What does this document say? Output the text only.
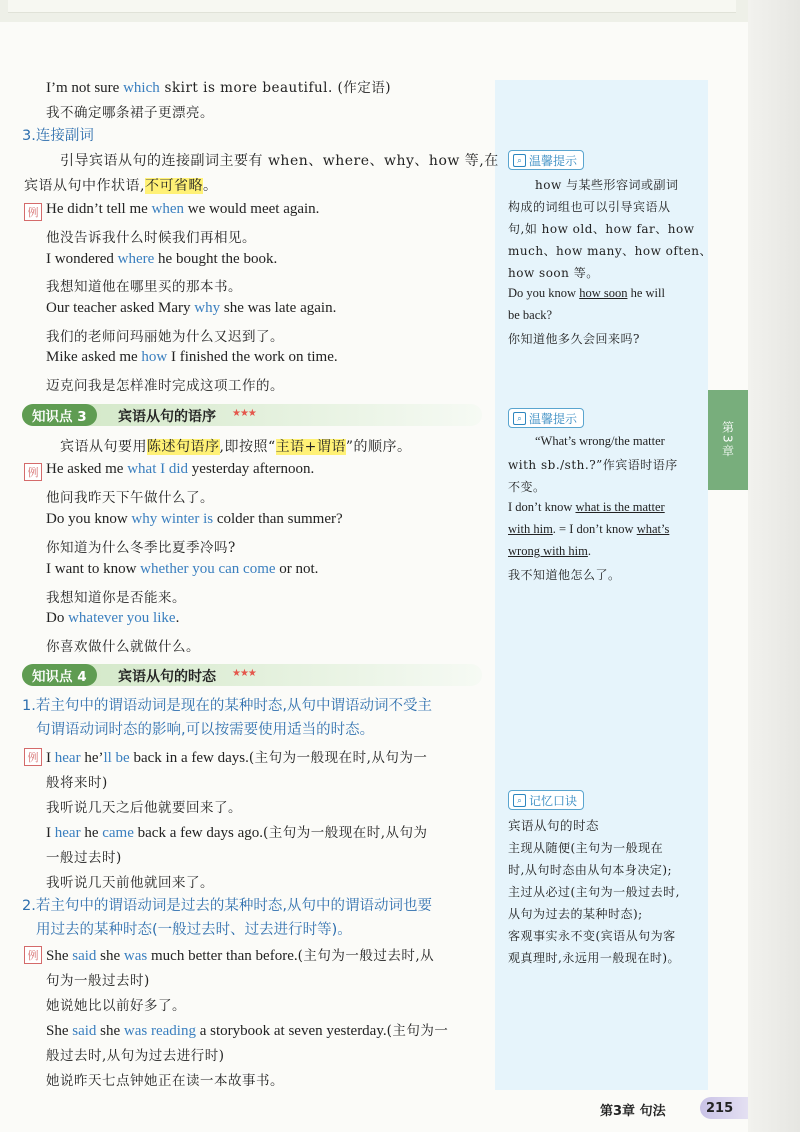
第3章
I’m not sure which skirt is more beautiful. (作定语)
我不确定哪条裙子更漂亮。
3.连接副词
引导宾语从句的连接副词主要有 when、where、why、how 等,在
宾语从句中作状语,不可省略。
例 He didn’t tell me when we would meet again.
他没告诉我什么时候我们再相见。
I wondered where he bought the book.
我想知道他在哪里买的那本书。
Our teacher asked Mary why she was late again.
我们的老师问玛丽她为什么又迟到了。
Mike asked me how I finished the work on time.
迈克问我是怎样准时完成这项工作的。
知识点 3	宾语从句的语序 ★★★
宾语从句要用陈述句语序,即按照“主语+谓语”的顺序。
例 He asked me what I did yesterday afternoon.
他问我昨天下午做什么了。
Do you know why winter is colder than summer?
你知道为什么冬季比夏季冷吗?
I want to know whether you can come or not.
我想知道你是否能来。
Do whatever you like.
你喜欢做什么就做什么。
知识点 4	宾语从句的时态 ★★★
1.若主句中的谓语动词是现在的某种时态,从句中谓语动词不受主
句谓语动词时态的影响,可以按需要使用适当的时态。
例 I hear he’ll be back in a few days.(主句为一般现在时,从句为一
般将来时)
我听说几天之后他就要回来了。
I hear he came back a few days ago.(主句为一般现在时,从句为
一般过去时)
我听说几天前他就回来了。
2.若主句中的谓语动词是过去的某种时态,从句中的谓语动词也要
用过去的某种时态(一般过去时、过去进行时等)。
例 She said she was much better than before.(主句为一般过去时,从
句为一般过去时)
她说她比以前好多了。
She said she was reading a storybook at seven yesterday.(主句为一
般过去时,从句为过去进行时)
她说昨天七点钟她正在读一本故事书。
⌕ 温馨提示
how 与某些形容词或副词
构成的词组也可以引导宾语从
句,如 how old、how far、how
much、how many、how often、
how soon 等。
Do you know how soon he will
be back?
你知道他多久会回来吗?
⌕ 温馨提示
“What’s wrong/the matter
with sb./sth.?”作宾语时语序
不变。
I don’t know what is the matter
with him. = I don’t know what’s
wrong with him.
我不知道他怎么了。
⌕ 记忆口诀
宾语从句的时态
主现从随便(主句为一般现在
时,从句时态由从句本身决定);
主过从必过(主句为一般过去时,
从句为过去的某种时态);
客观事实永不变(宾语从句为客
观真理时,永远用一般现在时)。
第3章 句法	215
